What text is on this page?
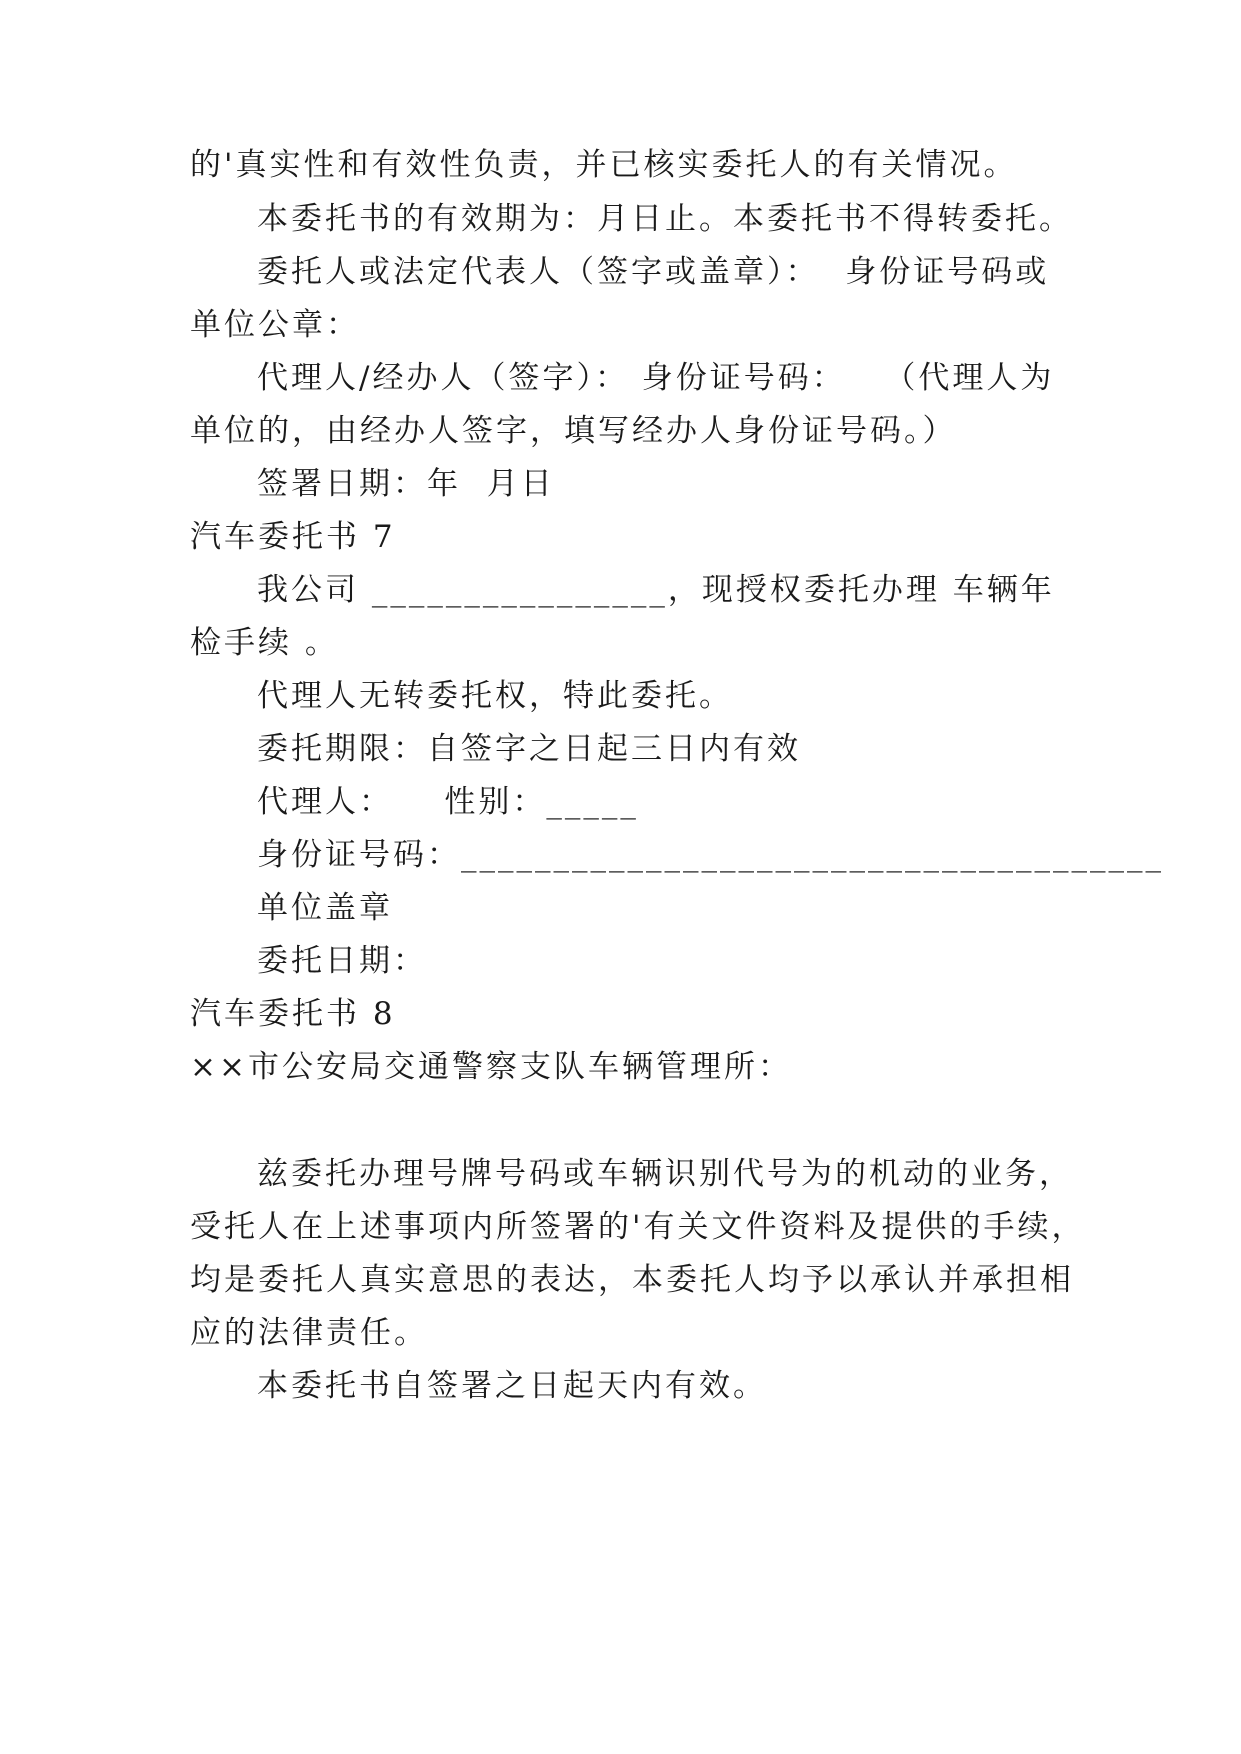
的'真实性和有效性负责，并已核实委托人的有关情况。
本委托书的有效期为：月日止。本委托书不得转委托。
委托人或法定代表人（签字或盖章）：  身份证号码或
单位公章：
代理人/经办人（签字）： 身份证号码：   （代理人为
单位的，由经办人签字，填写经办人身份证号码。）
签署日期：年  月日
汽车委托书 7
我公司 ________________，现授权委托办理 车辆年
检手续 。
代理人无转委托权，特此委托。
委托期限：自签字之日起三日内有效
代理人：    性别：_____
身份证号码：______________________________________
单位盖章
委托日期：
汽车委托书 8
××市公安局交通警察支队车辆管理所：
兹委托办理号牌号码或车辆识别代号为的机动的业务，
受托人在上述事项内所签署的'有关文件资料及提供的手续，
均是委托人真实意思的表达，本委托人均予以承认并承担相
应的法律责任。
本委托书自签署之日起天内有效。
